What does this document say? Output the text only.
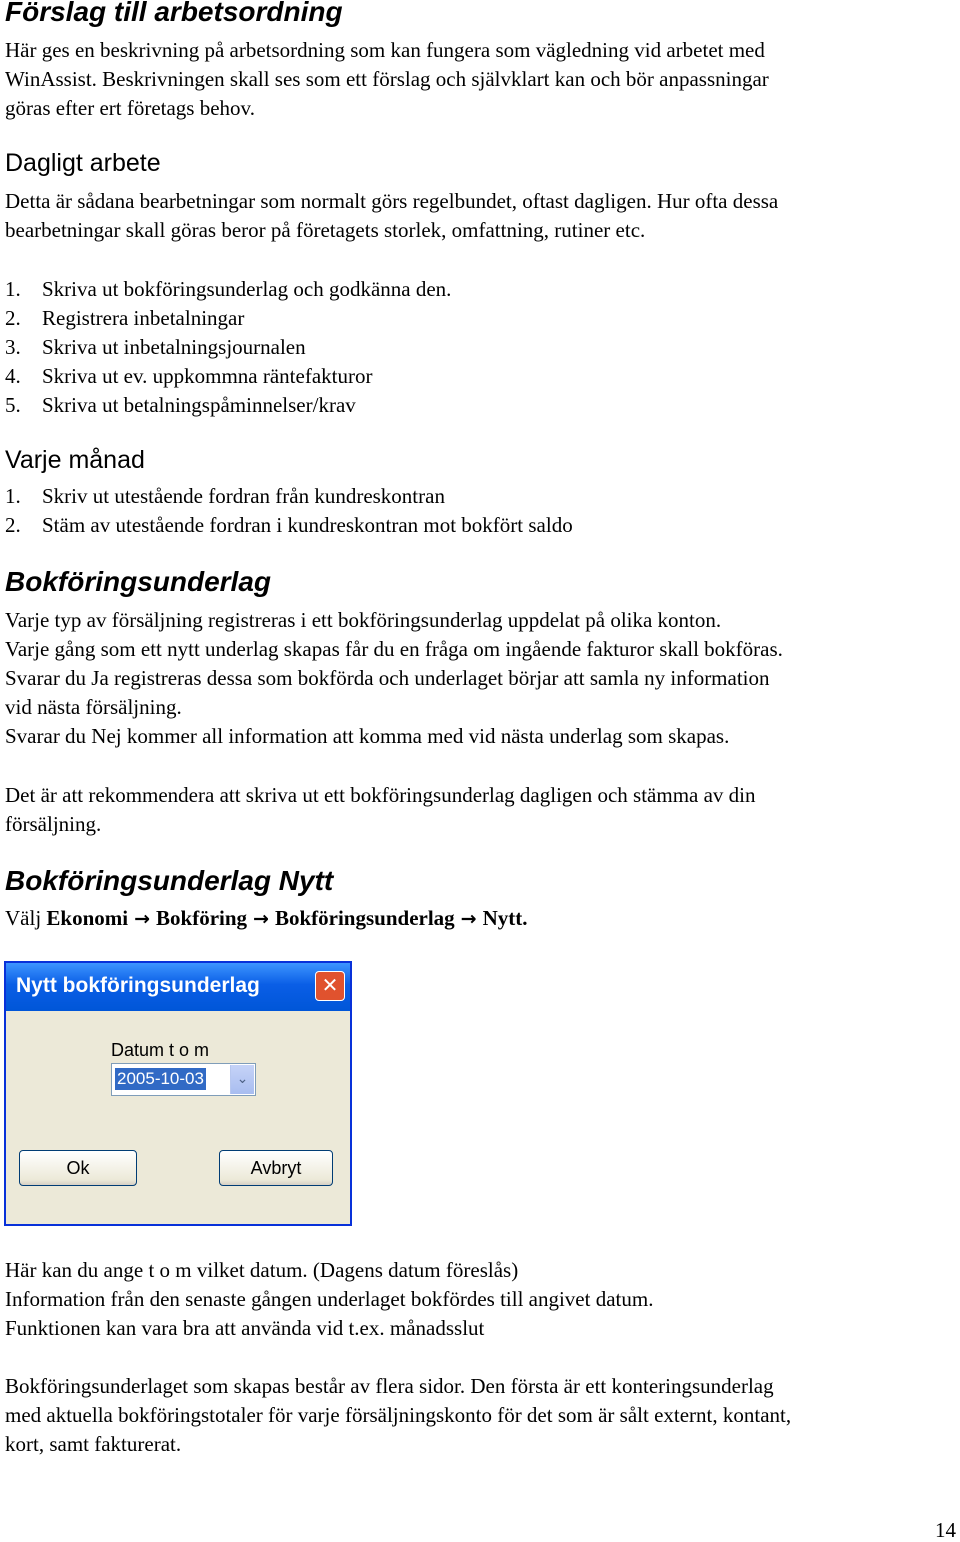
Förslag till arbetsordning

Här ges en beskrivning på arbetsordning som kan fungera som vägledning vid arbetet med

WinAssist. Beskrivningen skall ses som ett förslag och självklart kan och bör anpassningar

göras efter ert företags behov.

Dagligt arbete

Detta är sådana bearbetningar som normalt görs regelbundet, oftast dagligen. Hur ofta dessa

bearbetningar skall göras beror på företagets storlek, omfattning, rutiner etc.

1. Skriva ut bokföringsunderlag och godkänna den.
2. Registrera inbetalningar
3. Skriva ut inbetalningsjournalen
4. Skriva ut ev. uppkommna räntefakturor
5. Skriva ut betalningspåminnelser/krav
Varje månad
1. Skriv ut utestående fordran från kundreskontran
2. Stäm av utestående fordran i kundreskontran mot bokfört saldo
Bokföringsunderlag

Varje typ av försäljning registreras i ett bokföringsunderlag uppdelat på olika konton.

Varje gång som ett nytt underlag skapas får du en fråga om ingående fakturor skall bokföras.

Svarar du Ja registreras dessa som bokförda och underlaget börjar att samla ny information

vid nästa försäljning.

Svarar du Nej kommer all information att komma med vid nästa underlag som skapas.

Det är att rekommendera att skriva ut ett bokföringsunderlag dagligen och stämma av din

försäljning.

Bokföringsunderlag Nytt

Välj Ekonomi → Bokföring → Bokföringsunderlag → Nytt.

Nytt bokföringsunderlag	✕
Datum t o m
2005-10-03	⌄
Ok	Avbryt

Här kan du ange t o m vilket datum. (Dagens datum föreslås)

Information från den senaste gången underlaget bokfördes till angivet datum.

Funktionen kan vara bra att använda vid t.ex. månadsslut

Bokföringsunderlaget som skapas består av flera sidor. Den första är ett konteringsunderlag

med aktuella bokföringstotaler för varje försäljningskonto för det som är sålt externt, kontant,

kort, samt fakturerat.

14
